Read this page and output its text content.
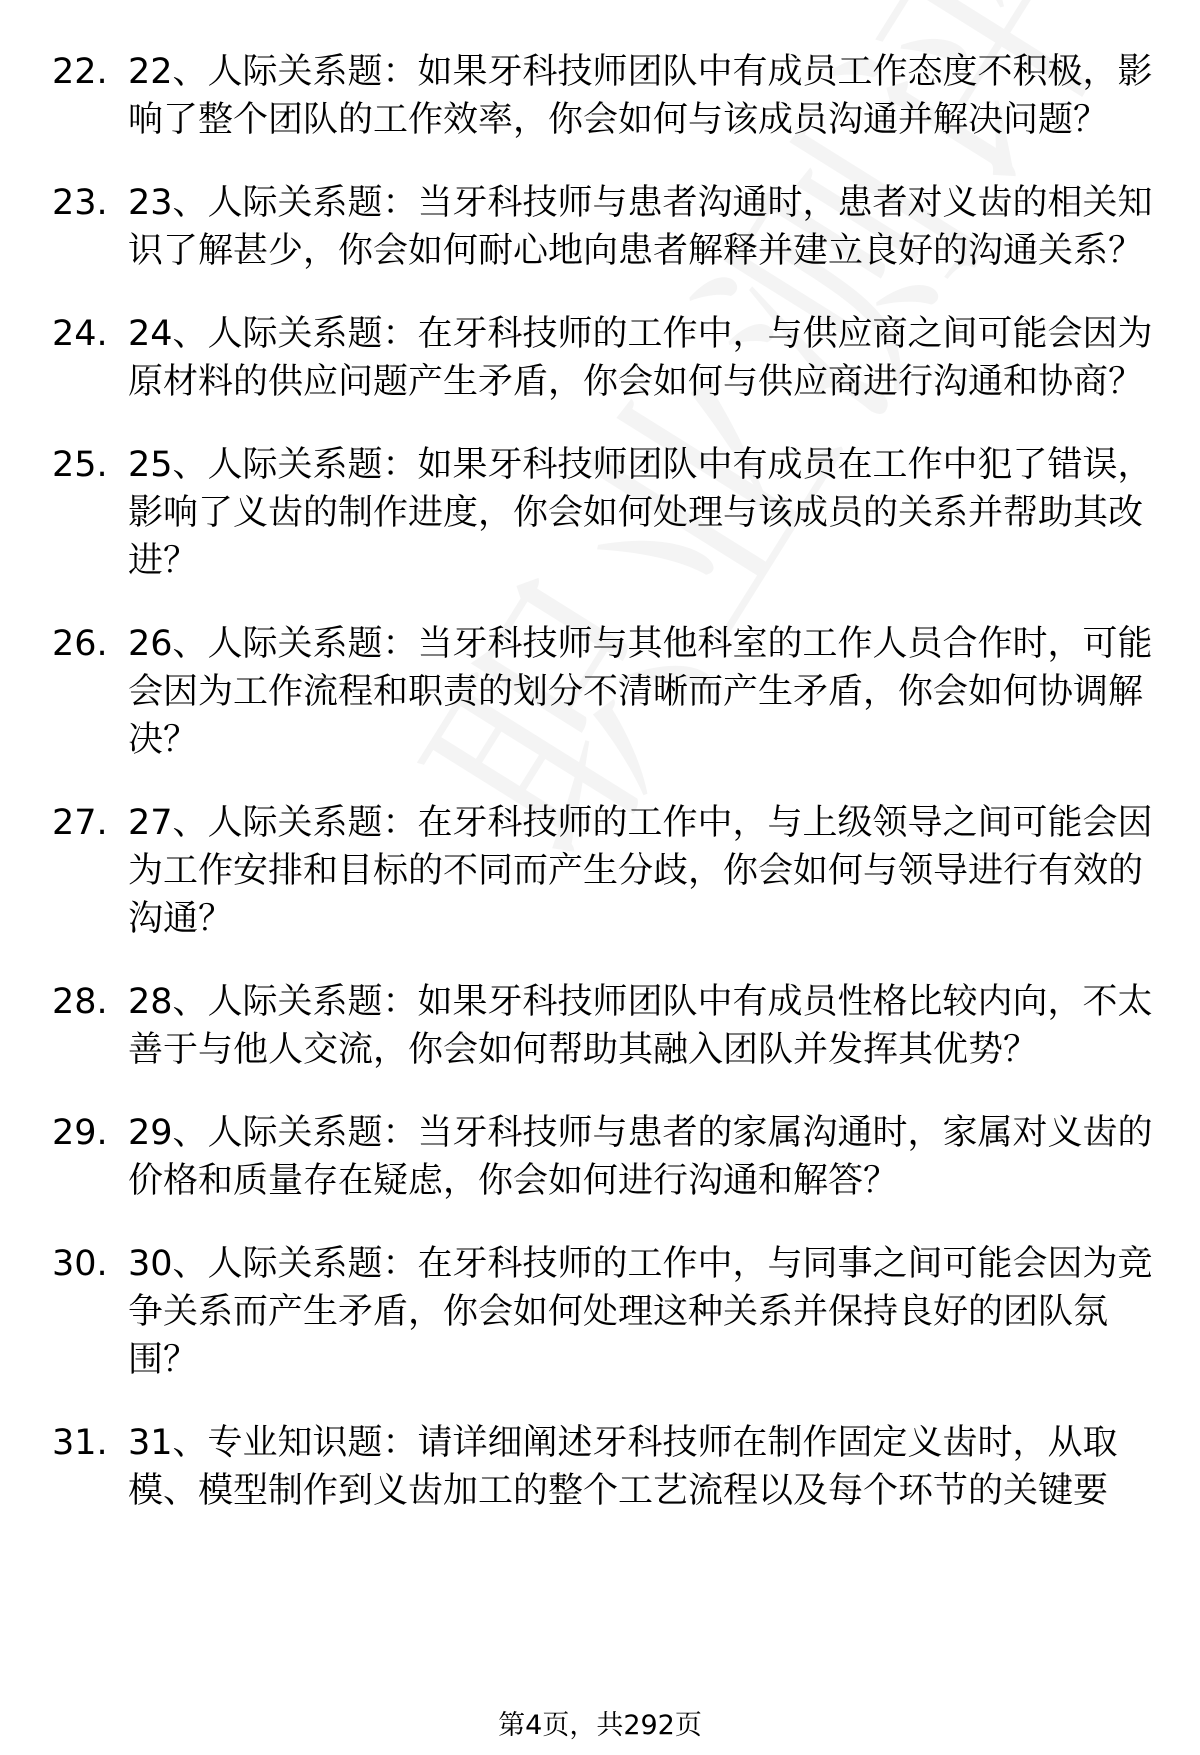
22. 22、人际关系题：如果牙科技师团队中有成员工作态度不积极，影响了整个团队的工作效率，你会如何与该成员沟通并解决问题？
23. 23、人际关系题：当牙科技师与患者沟通时，患者对义齿的相关知识了解甚少，你会如何耐心地向患者解释并建立良好的沟通关系？
24. 24、人际关系题：在牙科技师的工作中，与供应商之间可能会因为原材料的供应问题产生矛盾，你会如何与供应商进行沟通和协商？
25. 25、人际关系题：如果牙科技师团队中有成员在工作中犯了错误，影响了义齿的制作进度，你会如何处理与该成员的关系并帮助其改进？
26. 26、人际关系题：当牙科技师与其他科室的工作人员合作时，可能会因为工作流程和职责的划分不清晰而产生矛盾，你会如何协调解决？
27. 27、人际关系题：在牙科技师的工作中，与上级领导之间可能会因为工作安排和目标的不同而产生分歧，你会如何与领导进行有效的沟通？
28. 28、人际关系题：如果牙科技师团队中有成员性格比较内向，不太善于与他人交流，你会如何帮助其融入团队并发挥其优势？
29. 29、人际关系题：当牙科技师与患者的家属沟通时，家属对义齿的价格和质量存在疑虑，你会如何进行沟通和解答？
30. 30、人际关系题：在牙科技师的工作中，与同事之间可能会因为竞争关系而产生矛盾，你会如何处理这种关系并保持良好的团队氛围？
31. 31、专业知识题：请详细阐述牙科技师在制作固定义齿时，从取模、模型制作到义齿加工的整个工艺流程以及每个环节的关键要
第4页，共292页
